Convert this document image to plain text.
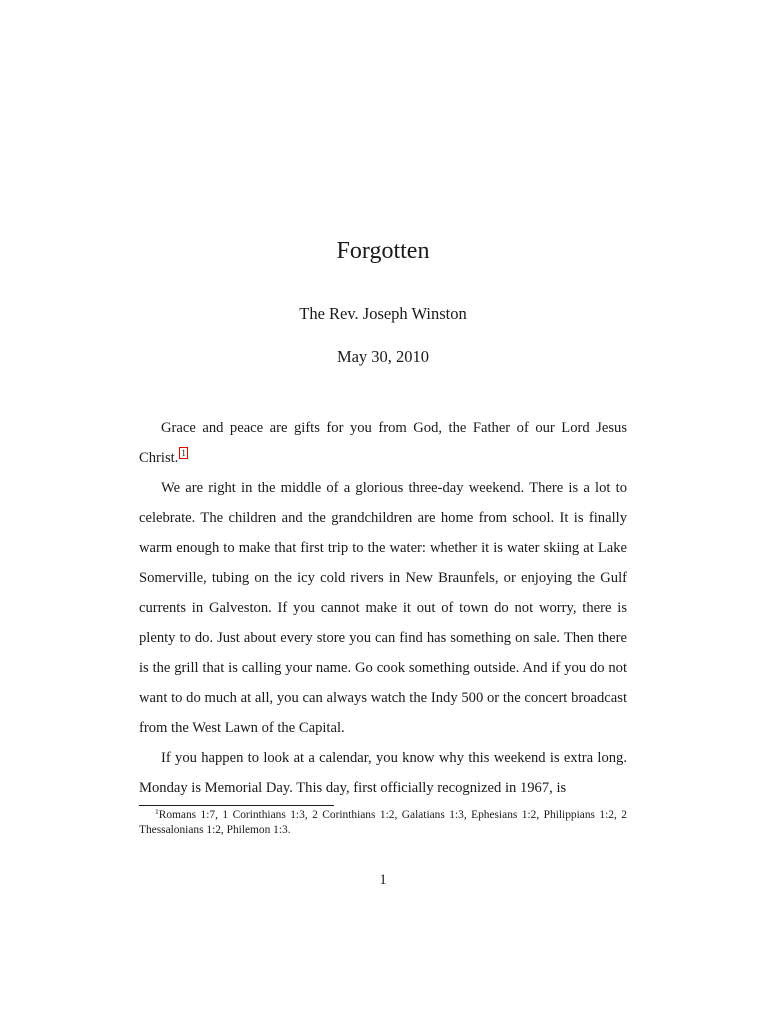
Forgotten
The Rev. Joseph Winston
May 30, 2010

Grace and peace are gifts for you from God, the Father of our Lord Jesus Christ. 1

We are right in the middle of a glorious three-day weekend. There is a lot to celebrate. The children and the grandchildren are home from school. It is finally warm enough to make that first trip to the water: whether it is water skiing at Lake Somerville, tubing on the icy cold rivers in New Braunfels, or enjoying the Gulf currents in Galveston. If you cannot make it out of town do not worry, there is plenty to do. Just about every store you can find has something on sale. Then there is the grill that is calling your name. Go cook something outside. And if you do not want to do much at all, you can always watch the Indy 500 or the concert broadcast from the West Lawn of the Capital.

If you happen to look at a calendar, you know why this weekend is extra long. Monday is Memorial Day. This day, first officially recognized in 1967, is

$^1$Romans 1:7, 1 Corinthians 1:3, 2 Corinthians 1:2, Galatians 1:3, Ephesians 1:2, Philippians 1:2, 2 Thessalonians 1:2, Philemon 1:3.

1
